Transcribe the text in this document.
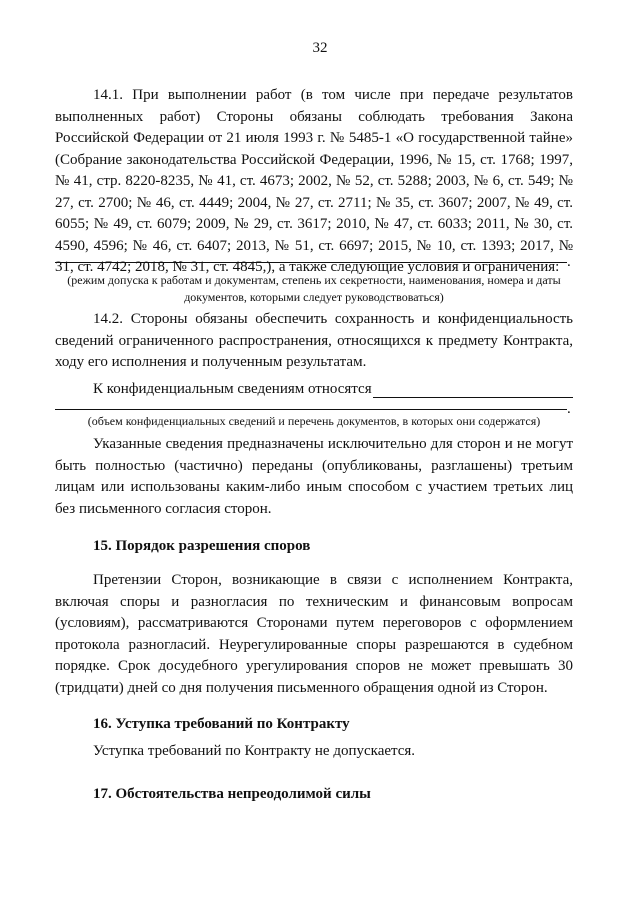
32

14.1. При выполнении работ (в том числе при передаче результатов выполненных работ) Стороны обязаны соблюдать требования Закона Российской Федерации от 21 июля 1993 г. № 5485-1 «О государственной тайне» (Собрание законодательства Российской Федерации, 1996, № 15, ст. 1768; 1997, № 41, стр. 8220-8235, № 41, ст. 4673; 2002, № 52, ст. 5288; 2003, № 6, ст. 549; № 27, ст. 2700; № 46, ст. 4449; 2004, № 27, ст. 2711; № 35, ст. 3607; 2007, № 49, ст. 6055; № 49, ст. 6079; 2009, № 29, ст. 3617; 2010, № 47, ст. 6033; 2011, № 30, ст. 4590, 4596; № 46, ст. 6407; 2013, № 51, ст. 6697; 2015, № 10, ст. 1393; 2017, № 31, ст. 4742; 2018, № 31, ст. 4845,), а также следующие условия и ограничения: .

(режим допуска к работам и документам, степень их секретности, наименования, номера и даты документов, которыми следует руководствоваться)

14.2. Стороны обязаны обеспечить сохранность и конфиденциальность сведений ограниченного распространения, относящихся к предмету Контракта, ходу его исполнения и полученным результатам.

К конфиденциальным сведениям относятся
.

(объем конфиденциальных сведений и перечень документов, в которых они содержатся)

Указанные сведения предназначены исключительно для сторон и не могут быть полностью (частично) переданы (опубликованы, разглашены) третьим лицам или использованы каким-либо иным способом с участием третьих лиц без письменного согласия сторон.

15. Порядок разрешения споров

Претензии Сторон, возникающие в связи с исполнением Контракта, включая споры и разногласия по техническим и финансовым вопросам (условиям), рассматриваются Сторонами путем переговоров с оформлением протокола разногласий. Неурегулированные споры разрешаются в судебном порядке. Срок досудебного урегулирования споров не может превышать 30 (тридцати) дней со дня получения письменного обращения одной из Сторон.

16. Уступка требований по Контракту

Уступка требований по Контракту не допускается.

17. Обстоятельства непреодолимой силы
